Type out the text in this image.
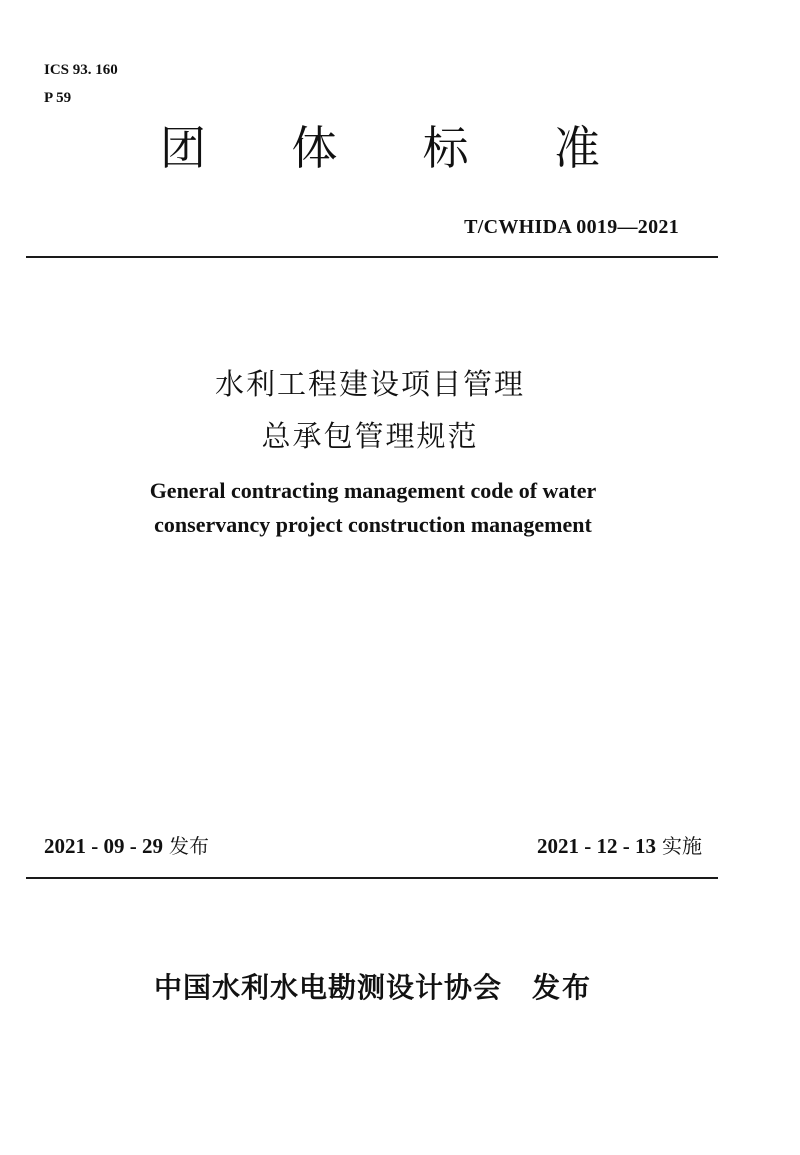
ICS 93. 160
P 59
团 体 标 准
T/CWHIDA 0019—2021
水利工程建设项目管理
总承包管理规范
General contracting management code of water
conservancy project construction management
2021 - 09 - 29 发布	2021 - 12 - 13 实施
中国水利水电勘测设计协会 发布
